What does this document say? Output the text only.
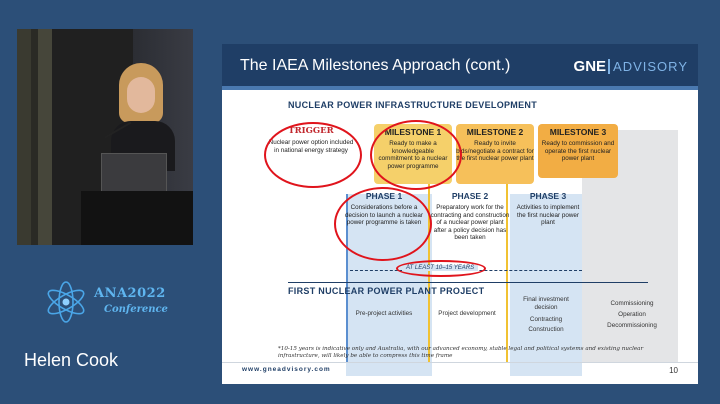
ANA2022
Conference
Helen Cook
The IAEA Milestones Approach (cont.)	GNE ADVISORY
NUCLEAR POWER INFRASTRUCTURE DEVELOPMENT
TRIGGER
Nuclear power option included in national energy strategy
MILESTONE 1
Ready to make a knowledgeable commitment to a nuclear power programme
MILESTONE 2
Ready to invite bids/negotiate a contract for the first nuclear power plant
MILESTONE 3
Ready to commission and operate the first nuclear power plant
PHASE 1
Considerations before a decision to launch a nuclear power programme is taken
PHASE 2
Preparatory work for the contracting and construction of a nuclear power plant after a policy decision has been taken
PHASE 3
Activities to implement the first nuclear power plant
AT LEAST 10–15 YEARS
FIRST NUCLEAR POWER PLANT PROJECT
Pre-project activities	Project development
Final investment decision
Contracting
Construction
Commissioning
Operation
Decommissioning
*10-15 years is indicative only and Australia, with our advanced economy, stable legal and political systems and existing nuclear infrastructure, will likely be able to compress this time frame
www.gneadvisory.com	10
